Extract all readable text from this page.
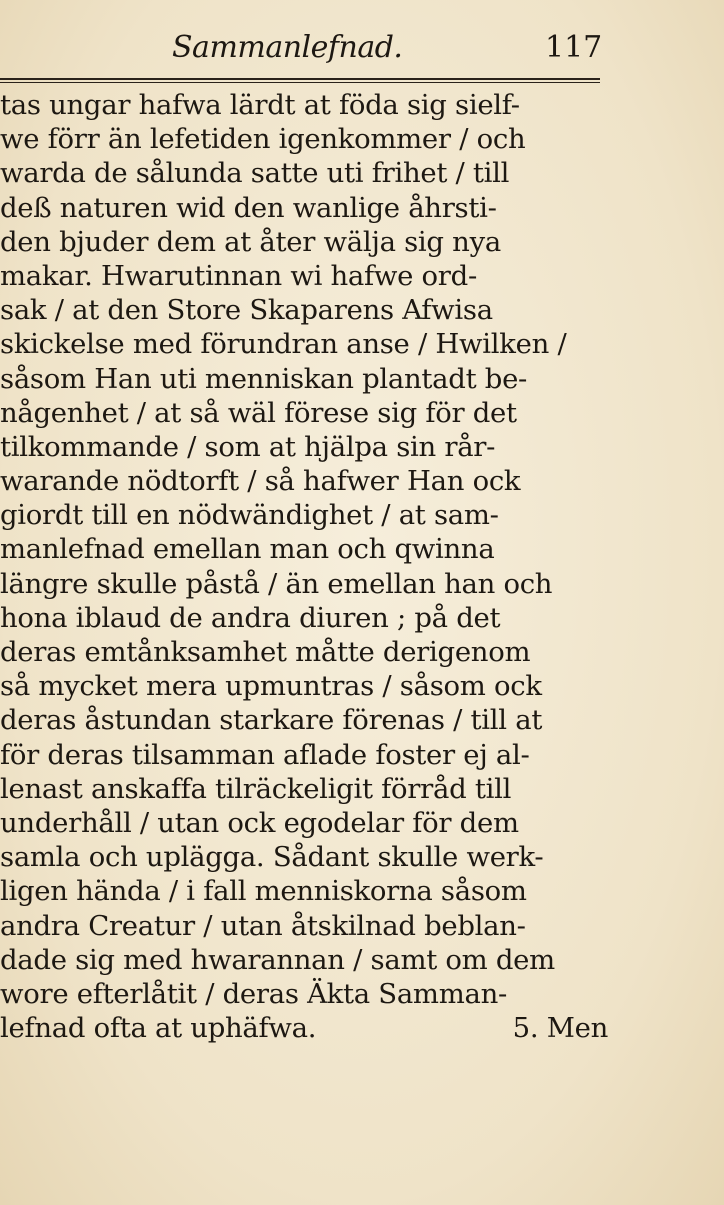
Sammanlefnad.	117
tas ungar hafwa lärdt at föda sig sielf-
we förr än lefetiden igenkommer / och
warda de sålunda satte uti frihet / till
deß naturen wid den wanlige åhrsti-
den bjuder dem at åter wälja sig nya
makar. Hwarutinnan wi hafwe ord-
sak / at den Store Skaparens Afwisa
skickelse med förundran anse / Hwilken /
såsom Han uti menniskan plantadt be-
någenhet / at så wäl förese sig för det
tilkommande / som at hjälpa sin rår-
warande nödtorft / så hafwer Han ock
giordt till en nödwändighet / at sam-
manlefnad emellan man och qwinna
längre skulle påstå / än emellan han och
hona iblaud de andra diuren ; på det
deras emtånksamhet måtte derigenom
så mycket mera upmuntras / såsom ock
deras åstundan starkare förenas / till at
för deras tilsamman aflade foster ej al-
lenast anskaffa tilräckeligit förråd till
underhåll / utan ock egodelar för dem
samla och uplägga. Sådant skulle werk-
ligen hända / i fall menniskorna såsom
andra Creatur / utan åtskilnad beblan-
dade sig med hwarannan / samt om dem
wore efterlåtit / deras Äkta Samman-
lefnad ofta at uphäfwa.	5. Men
